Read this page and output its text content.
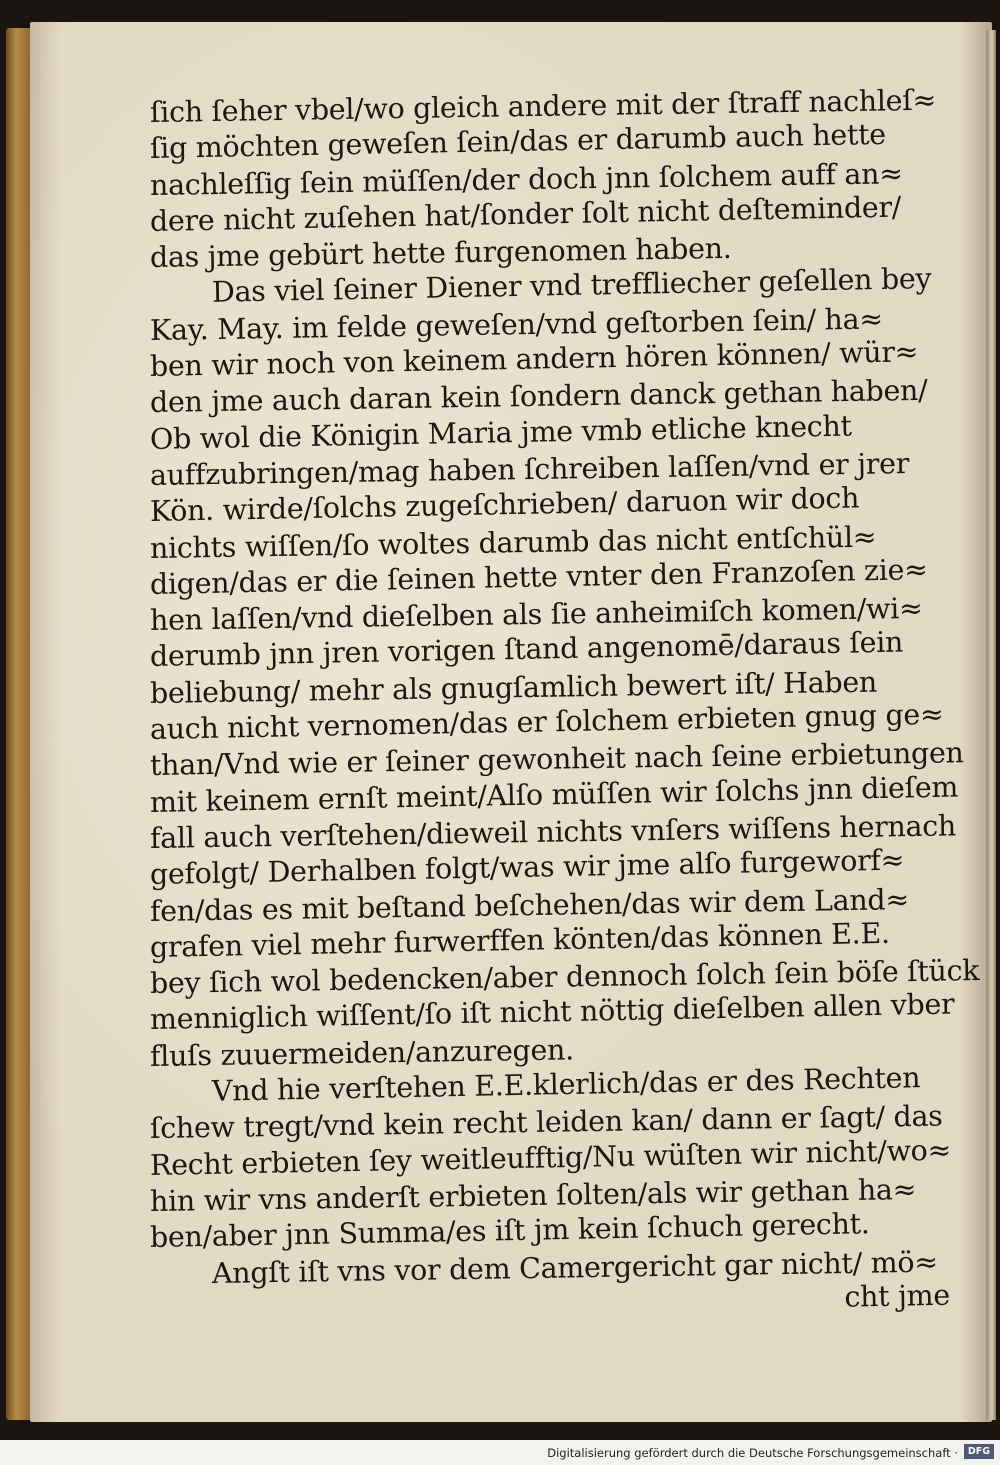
ſich ſeher vbel/wo gleich andere mit der ſtraff nachleſ≈
ſig möchten geweſen ſein/das er darumb auch hette
nachleſſig ſein müſſen/der doch jnn ſolchem auff an≈
dere nicht zuſehen hat/ſonder ſolt nicht deſteminder/
das jme gebürt hette furgenomen haben.
Das viel ſeiner Diener vnd treffliecher geſellen bey
Kay. May. im felde geweſen/vnd geſtorben ſein/ ha≈
ben wir noch von keinem andern hören können/ wür≈
den jme auch daran kein ſondern danck gethan haben/
Ob wol die Königin Maria jme vmb etliche knecht
auffzubringen/mag haben ſchreiben laſſen/vnd er jrer
Kön. wirde/ſolchs zugeſchrieben/ daruon wir doch
nichts wiſſen/ſo woltes darumb das nicht entſchül≈
digen/das er die ſeinen hette vnter den Franzoſen zie≈
hen laſſen/vnd dieſelben als ſie anheimiſch komen/wi≈
derumb jnn jren vorigen ſtand angenomē/daraus ſein
beliebung/ mehr als gnugſamlich bewert iſt/ Haben
auch nicht vernomen/das er ſolchem erbieten gnug ge≈
than/Vnd wie er ſeiner gewonheit nach ſeine erbietungen
mit keinem ernſt meint/Alſo müſſen wir ſolchs jnn dieſem
fall auch verſtehen/dieweil nichts vnſers wiſſens hernach
gefolgt/ Derhalben folgt/was wir jme alſo furgeworf≈
fen/das es mit beſtand beſchehen/das wir dem Land≈
grafen viel mehr furwerffen könten/das können E.E.
bey ſich wol bedencken/aber dennoch ſolch ſein böſe ſtück
menniglich wiſſent/ſo iſt nicht nöttig dieſelben allen vber
fluſs zuuermeiden/anzuregen.
Vnd hie verſtehen E.E.klerlich/das er des Rechten
ſchew tregt/vnd kein recht leiden kan/ dann er ſagt/ das
Recht erbieten ſey weitleufftig/Nu wüſten wir nicht/wo≈
hin wir vns anderſt erbieten ſolten/als wir gethan ha≈
ben/aber jnn Summa/es iſt jm kein ſchuch gerecht.
Angſt iſt vns vor dem Camergericht gar nicht/ mö≈
cht jme
Digitalisierung gefördert durch die Deutsche Forschungsgemeinschaft ·	DFG
